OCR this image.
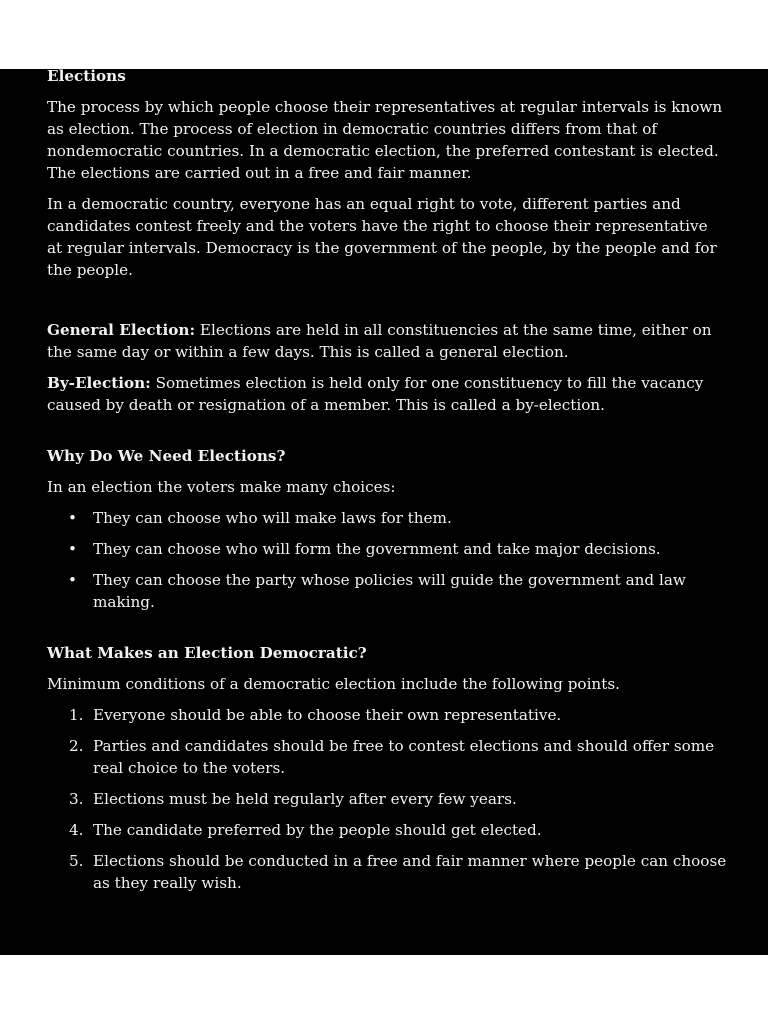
Elections

The process by which people choose their representatives at regular intervals is known as election. The process of election in democratic countries differs from that of nondemocratic countries. In a democratic election, the preferred contestant is elected. The elections are carried out in a free and fair manner.

In a democratic country, everyone has an equal right to vote, different parties and candidates contest freely and the voters have the right to choose their representative at regular intervals. Democracy is the government of the people, by the people and for the people.

General Election: Elections are held in all constituencies at the same time, either on the same day or within a few days. This is called a general election.

By-Election: Sometimes election is held only for one constituency to fill the vacancy caused by death or resignation of a member. This is called a by-election.

Why Do We Need Elections?

In an election the voters make many choices:

• They can choose who will make laws for them.
• They can choose who will form the government and take major decisions.
• They can choose the party whose policies will guide the government and law making.
What Makes an Election Democratic?

Minimum conditions of a democratic election include the following points.

1. Everyone should be able to choose their own representative.
2. Parties and candidates should be free to contest elections and should offer some real choice to the voters.
3. Elections must be held regularly after every few years.
4. The candidate preferred by the people should get elected.
5. Elections should be conducted in a free and fair manner where people can choose as they really wish.
